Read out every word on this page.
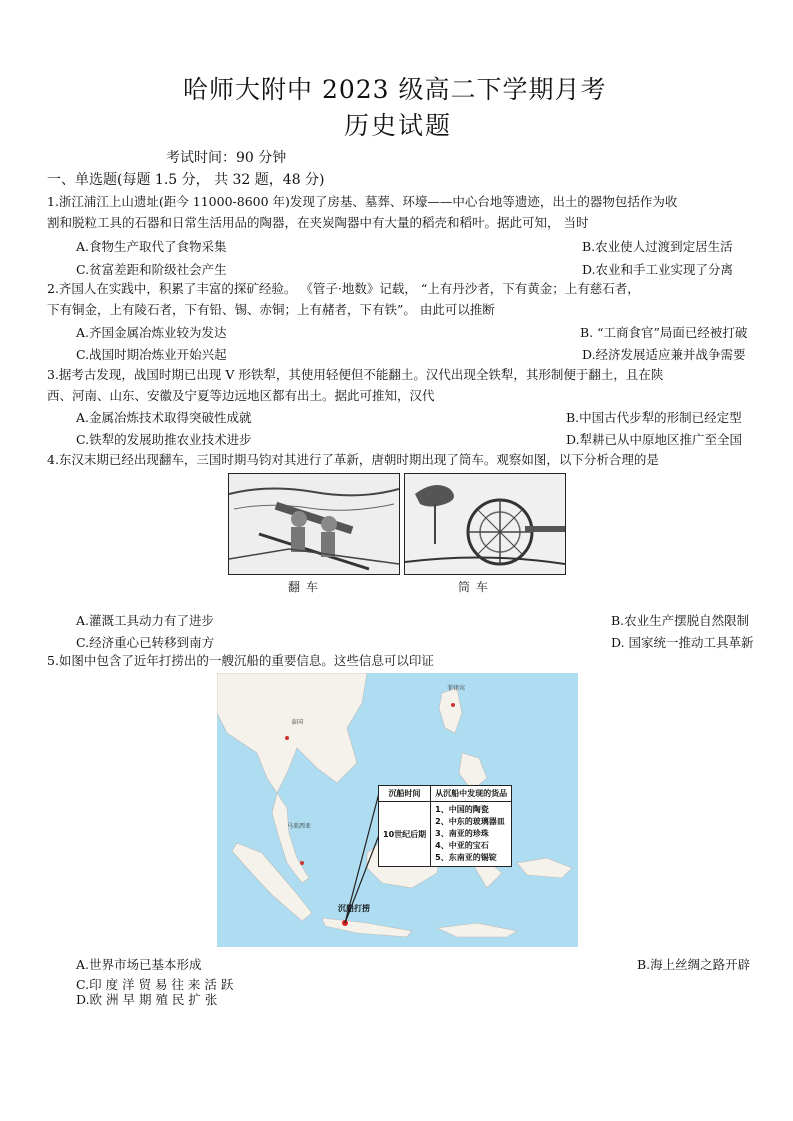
哈师大附中 2023 级高二下学期月考
历史试题
考试时间：90 分钟
一、单选题(每题 1.5 分， 共 32 题，48 分)
1.浙江浦江上山遗址(距今 11000-8600 年)发现了房基、墓葬、环壕——中心台地等遗迹，出土的器物包括作为收
割和脱粒工具的石器和日常生活用品的陶器，在夹炭陶器中有大量的稻壳和稻叶。据此可知， 当时
A.食物生产取代了食物采集	B.农业使人过渡到定居生活
C.贫富差距和阶级社会产生	D.农业和手工业实现了分离
2.齐国人在实践中，积累了丰富的探矿经验。 《管子·地数》记载， “上有丹沙者，下有黄金；上有慈石者，
下有铜金，上有陵石者，下有铅、锡、赤铜；上有赭者，下有铁”。 由此可以推断
A.齐国金属冶炼业较为发达	B. “工商食官”局面已经被打破
C.战国时期冶炼业开始兴起	D.经济发展适应兼并战争需要
3.据考古发现，战国时期已出现 V 形铁犁，其使用轻便但不能翻土。汉代出现全铁犁，其形制便于翻土，且在陕
西、河南、山东、安徽及宁夏等边远地区都有出土。据此可推知，汉代
A.金属冶炼技术取得突破性成就	B.中国古代步犁的形制已经定型
C.铁犁的发展助推农业技术进步	D.犁耕已从中原地区推广至全国
4.东汉末期已经出现翻车，三国时期马钧对其进行了革新，唐朝时期出现了筒车。观察如图，以下分析合理的是
翻车	筒车
A.灌溉工具动力有了进步	B.农业生产摆脱自然限制
C.经济重心已转移到南方	D. 国家统一推动工具革新
5.如图中包含了近年打捞出的一艘沉船的重要信息。这些信息可以印证
泰国
马来西亚
菲律宾
沉船时间	从沉船中发现的货品
10世纪后期	1、中国的陶瓷
2、中东的玻璃器皿
3、南亚的珍珠
4、中亚的宝石
5、东南亚的锡锭
沉船打捞
A.世界市场已基本形成	B.海上丝绸之路开辟
C.印 度 洋 贸 易 往 来 活 跃
D.欧 洲 早 期 殖 民 扩 张
